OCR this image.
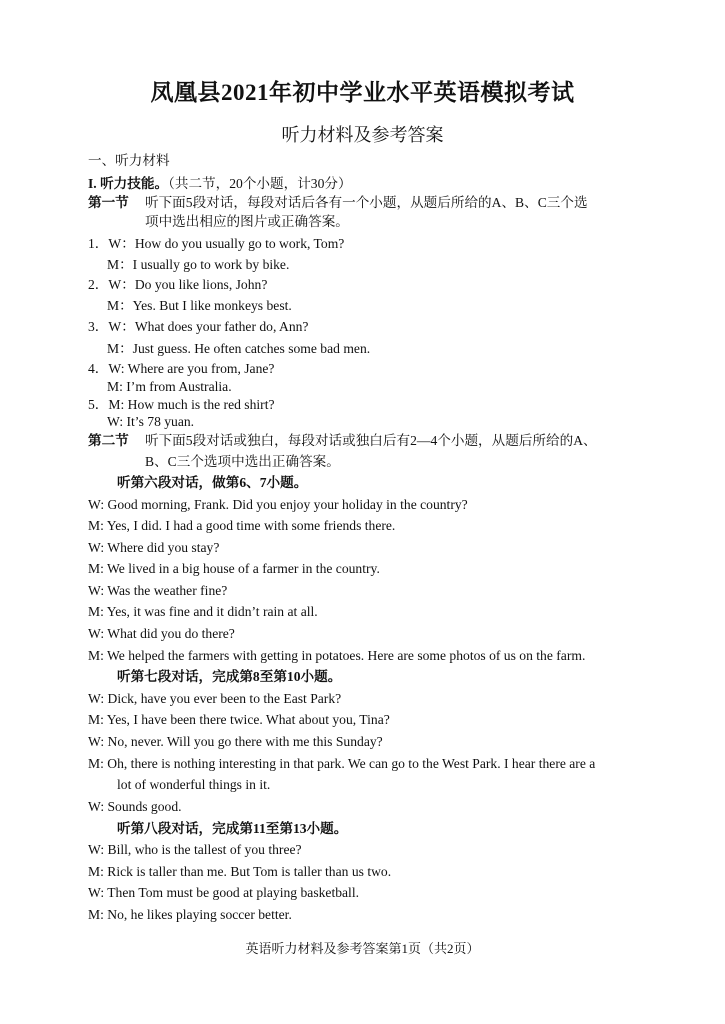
凤凰县2021年初中学业水平英语模拟考试
听力材料及参考答案
一、听力材料
I. 听力技能。（共二节，20个小题，计30分）
第一节 听下面5段对话，每段对话后各有一个小题，从题后所给的A、B、C三个选
项中选出相应的图片或正确答案。
1．W：How do you usually go to work, Tom?
M：I usually go to work by bike.
2．W：Do you like lions, John?
M：Yes. But I like monkeys best.
3．W：What does your father do, Ann?
M：Just guess. He often catches some bad men.
4．W: Where are you from, Jane?
M: I’m from Australia.
5．M: How much is the red shirt?
W: It’s 78 yuan.
第二节 听下面5段对话或独白，每段对话或独白后有2—4个小题，从题后所给的A、
B、C三个选项中选出正确答案。
听第六段对话，做第6、7小题。
W: Good morning, Frank. Did you enjoy your holiday in the country?
M: Yes, I did. I had a good time with some friends there.
W: Where did you stay?
M: We lived in a big house of a farmer in the country.
W: Was the weather fine?
M: Yes, it was fine and it didn’t rain at all.
W: What did you do there?
M: We helped the farmers with getting in potatoes. Here are some photos of us on the farm.
听第七段对话，完成第8至第10小题。
W: Dick, have you ever been to the East Park?
M: Yes, I have been there twice. What about you, Tina?
W: No, never. Will you go there with me this Sunday?
M: Oh, there is nothing interesting in that park. We can go to the West Park. I hear there are a
lot of wonderful things in it.
W: Sounds good.
听第八段对话，完成第11至第13小题。
W: Bill, who is the tallest of you three?
M: Rick is taller than me. But Tom is taller than us two.
W: Then Tom must be good at playing basketball.
M: No, he likes playing soccer better.
英语听力材料及参考答案第1页（共2页）
